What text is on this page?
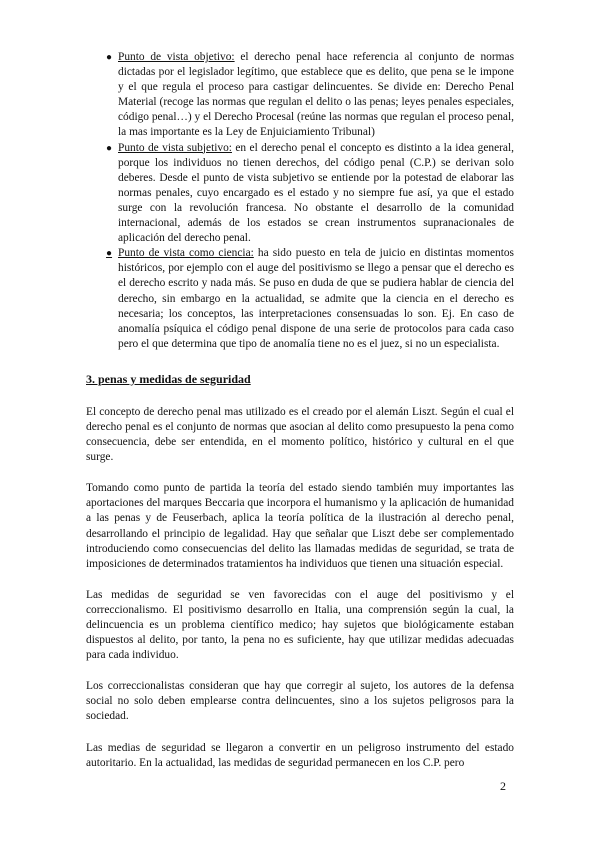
● Punto de vista objetivo: el derecho penal hace referencia al conjunto de normas dictadas por el legislador legítimo, que establece que es delito, que pena se le impone y el que regula el proceso para castigar delincuentes. Se divide en: Derecho Penal Material (recoge las normas que regulan el delito o las penas; leyes penales especiales, código penal…) y el Derecho Procesal (reúne las normas que regulan el proceso penal, la mas importante es la Ley de Enjuiciamiento Tribunal)
● Punto de vista subjetivo: en el derecho penal el concepto es distinto a la idea general, porque los individuos no tienen derechos, del código penal (C.P.) se derivan solo deberes. Desde el punto de vista subjetivo se entiende por la potestad de elaborar las normas penales, cuyo encargado es el estado y no siempre fue así, ya que el estado surge con la revolución francesa. No obstante el desarrollo de la comunidad internacional, además de los estados se crean instrumentos supranacionales de aplicación del derecho penal.
● Punto de vista como ciencia: ha sido puesto en tela de juicio en distintas momentos históricos, por ejemplo con el auge del positivismo se llego a pensar que el derecho es el derecho escrito y nada más. Se puso en duda de que se pudiera hablar de ciencia del derecho, sin embargo en la actualidad, se admite que la ciencia en el derecho es necesaria; los conceptos, las interpretaciones consensuadas lo son. Ej. En caso de anomalía psíquica el código penal dispone de una serie de protocolos para cada caso pero el que determina que tipo de anomalía tiene no es el juez, si no un especialista.
3. penas y medidas de seguridad

El concepto de derecho penal mas utilizado es el creado por el alemán Liszt. Según el cual el derecho penal es el conjunto de normas que asocian al delito como presupuesto la pena como consecuencia, debe ser entendida, en el momento político, histórico y cultural en el que surge.

Tomando como punto de partida la teoría del estado siendo también muy importantes las aportaciones del marques Beccaria que incorpora el humanismo y la aplicación de humanidad a las penas y de Feuserbach, aplica la teoría política de la ilustración al derecho penal, desarrollando el principio de legalidad. Hay que señalar que Liszt debe ser complementado introduciendo como consecuencias del delito las llamadas medidas de seguridad, se trata de imposiciones de determinados tratamientos ha individuos que tienen una situación especial.

Las medidas de seguridad se ven favorecidas con el auge del positivismo y el correccionalismo. El positivismo desarrollo en Italia, una comprensión según la cual, la delincuencia es un problema científico medico; hay sujetos que biológicamente estaban dispuestos al delito, por tanto, la pena no es suficiente, hay que utilizar medidas adecuadas para cada individuo.

Los correccionalistas consideran que hay que corregir al sujeto, los autores de la defensa social no solo deben emplearse contra delincuentes, sino a los sujetos peligrosos para la sociedad.

Las medias de seguridad se llegaron a convertir en un peligroso instrumento del estado autoritario. En la actualidad, las medidas de seguridad permanecen en los C.P. pero

2
